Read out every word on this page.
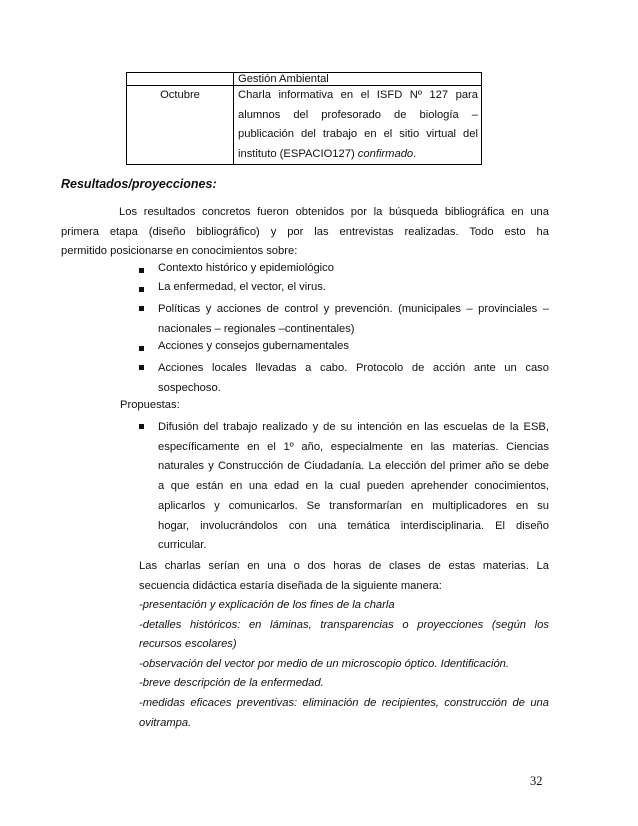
	Gestión Ambiental

Octubre	Charla informativa en el ISFD Nº 127 para
alumnos del profesorado de biología –
publicación del trabajo en el sitio virtual del
instituto (ESPACIO127) confirmado.
Resultados/proyecciones:
Los resultados concretos fueron obtenidos por la búsqueda bibliográfica en una
primera etapa (diseño bibliográfico) y por las entrevistas realizadas. Todo esto ha
permitido posicionarse en conocimientos sobre:
Contexto histórico y epidemiológico
La enfermedad, el vector, el virus.
Políticas y acciones de control y prevención. (municipales – provinciales –
nacionales – regionales –continentales)
Acciones y consejos gubernamentales
Acciones locales llevadas a cabo. Protocolo de acción ante un caso
sospechoso.
Propuestas:
Difusión del trabajo realizado y de su intención en las escuelas de la ESB,
específicamente en el 1º año, especialmente en las materias. Ciencias
naturales y Construcción de Ciudadanía. La elección del primer año se debe
a que están en una edad en la cual pueden aprehender conocimientos,
aplicarlos y comunicarlos. Se transformarían en multiplicadores en su
hogar, involucrándolos con una temática interdisciplinaria. El diseño
curricular.
Las charlas serían en una o dos horas de clases de estas materias. La
secuencia didáctica estaría diseñada de la siguiente manera:
-presentación y explicación de los fines de la charla
-detalles históricos: en láminas, transparencias o proyecciones (según los
recursos escolares)
-observación del vector por medio de un microscopio óptico. Identificación.
-breve descripción de la enfermedad.
-medidas eficaces preventivas: eliminación de recipientes, construcción de una
ovitrampa.
32
